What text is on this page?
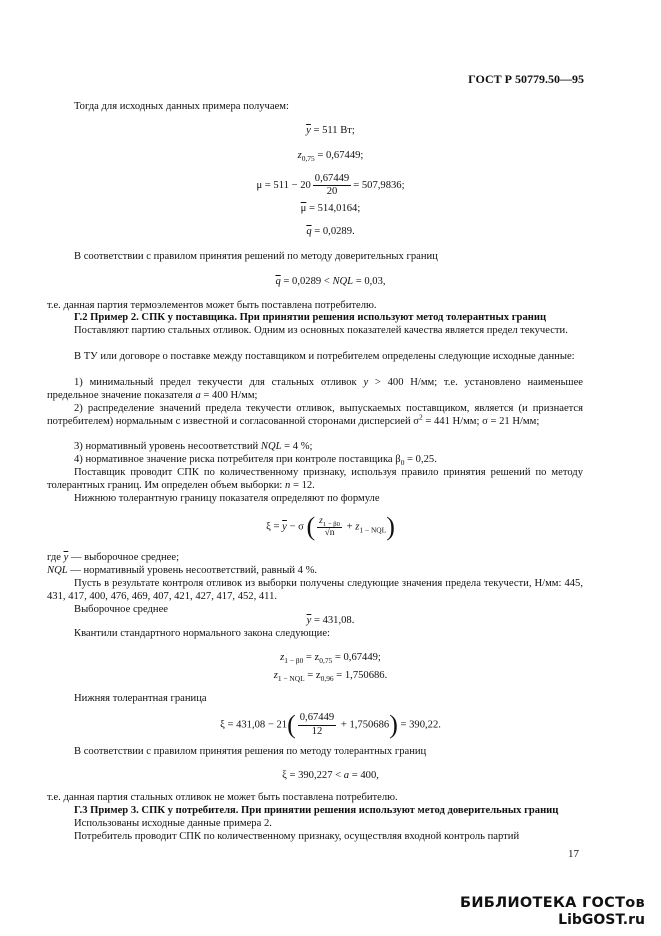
ГОСТ Р 50779.50—95
Тогда для исходных данных примера получаем:
$\overline{y} = 511$ Вт;
$z_{0,75} = 0,67449$;
$\mu = 511 - 20 \frac{0,67449}{20} = 507,9836$;
$\overline{\mu} = 514,0164$;
$\overline{q} = 0,0289$.
В соответствии с правилом принятия решений по методу доверительных границ
$\overline{q} = 0,0289$ < NQL = 0,03,
т.е. данная партия термоэлементов может быть поставлена потребителю.
Г.2 Пример 2. СПК у поставщика. При принятии решения используют метод толерантных границ
Поставляют партию стальных отливок. Одним из основных показателей качества является предел текучести.
В ТУ или договоре о поставке между поставщиком и потребителем определены следующие исходные данные:
1) минимальный предел текучести для стальных отливок y > 400 Н/мм; т.е. установлено наименьшее предельное значение показателя a = 400 Н/мм;
2) распределение значений предела текучести отливок, выпускаемых поставщиком, является (и признается потребителем) нормальным с известной и согласованной сторонами дисперсией $\sigma^2 = 441$ Н/мм; σ = 21 Н/мм;
3) нормативный уровень несоответствий NQL = 4 %;
4) нормативное значение риска потребителя при контроле поставщика $\beta_0 = 0,25$.
Поставщик проводит СПК по количественному признаку, используя правило принятия решений по методу толерантных границ. Им определен объем выборки: n = 12.
Нижнюю толерантную границу показателя определяют по формуле
$\xi = \overline{y} - \sigma$ ( $\frac{z_{1 - \beta 0}}{√n} + z_{1 - NQL}$)
где $\overline{y}$ — выборочное среднее;
NQL — нормативный уровень несоответствий, равный 4 %.
Пусть в результате контроля отливок из выборки получены следующие значения предела текучести, Н/мм: 445, 431, 417, 400, 476, 469, 407, 421, 427, 417, 452, 411.
Выборочное среднее
$\overline{y} = 431,08$.
Квантили стандартного нормального закона следующие:
$z_{1 - \beta 0} = z_{0,75} = 0,67449$;
$z_{1 - NQL} = z_{0,96} = 1,750686$.
Нижняя толерантная граница
$\xi = 431,08 - 21( \frac{0,67449}{12} + 1,750686) = 390,22$.
В соответствии с правилом принятия решения по методу толерантных границ
ξ = 390,227 < a = 400,
т.е. данная партия стальных отливок не может быть поставлена потребителю.
Г.3 Пример 3. СПК у потребителя. При принятии решения используют метод доверительных границ
Использованы исходные данные примера 2.
Потребитель проводит СПК по количественному признаку, осуществляя входной контроль партий
17
БИБЛИОТЕКА ГОСТов
LibGOST.ru
